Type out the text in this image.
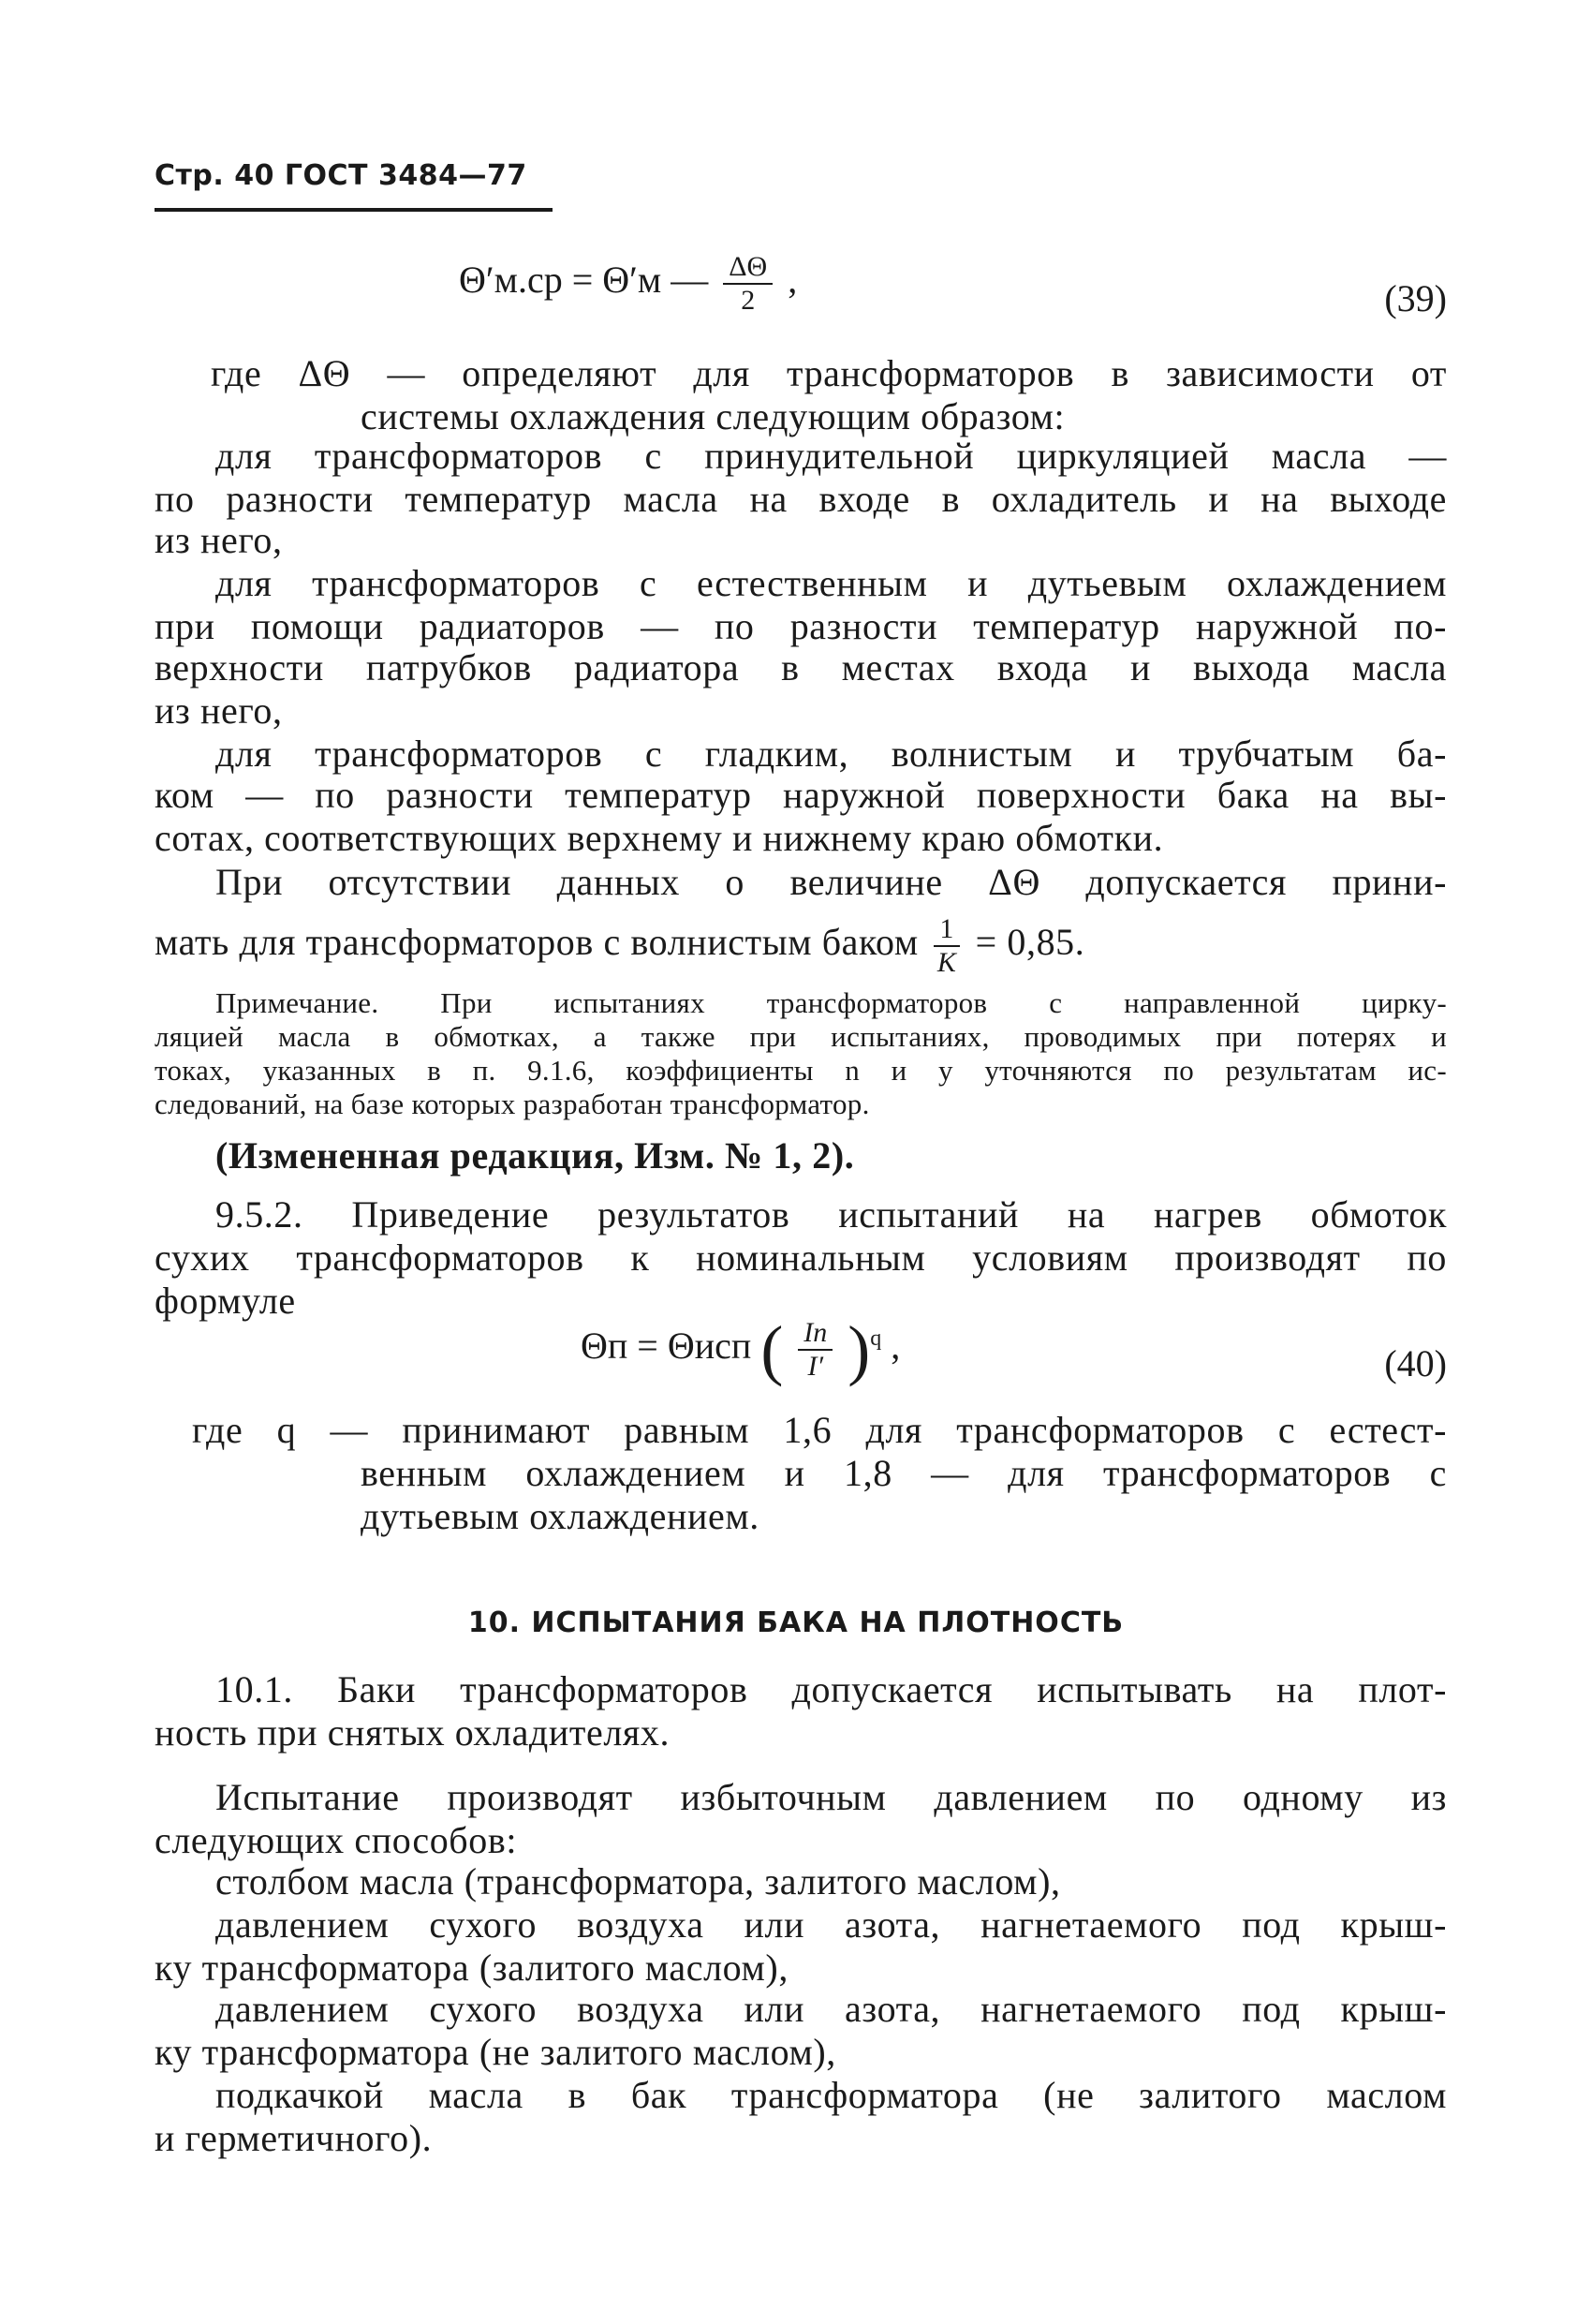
Стр. 40 ГОСТ 3484—77
Θ′м.ср = Θ′м — $\frac{\Delta\Theta}{2}$ ,	(39)
где ΔΘ — определяют для трансформаторов в зависимости от
системы охлаждения следующим образом:
для трансформаторов с принудительной циркуляцией масла —
по разности температур масла на входе в охладитель и на выходе
из него,
для трансформаторов с естественным и дутьевым охлаждением
при помощи радиаторов — по разности температур наружной по-
верхности патрубков радиатора в местах входа и выхода масла
из него,
для трансформаторов с гладким, волнистым и трубчатым ба-
ком — по разности температур наружной поверхности бака на вы-
сотах, соответствующих верхнему и нижнему краю обмотки.
При отсутствии данных о величине ΔΘ допускается прини-
мать для трансформаторов с волнистым баком $\frac{1}{K} = 0,85$.
Примечание. При испытаниях трансформаторов с направленной цирку-
ляцией масла в обмотках, а также при испытаниях, проводимых при потерях и
токах, указанных в п. 9.1.6, коэффициенты n и y уточняются по результатам ис-
следований, на базе которых разработан трансформатор.
(Измененная редакция, Изм. № 1, 2).
9.5.2. Приведение результатов испытаний на нагрев обмоток
сухих трансформаторов к номинальным условиям производят по
формуле
Θп = Θисп ( $\frac{Iп}{I'} )^q$ ,	(40)
где q — принимают равным 1,6 для трансформаторов с естест-
венным охлаждением и 1,8 — для трансформаторов с
дутьевым охлаждением.
10. ИСПЫТАНИЯ БАКА НА ПЛОТНОСТЬ
10.1. Баки трансформаторов допускается испытывать на плот-
ность при снятых охладителях.
Испытание производят избыточным давлением по одному из
следующих способов:
столбом масла (трансформатора, залитого маслом),
давлением сухого воздуха или азота, нагнетаемого под крыш-
ку трансформатора (залитого маслом),
давлением сухого воздуха или азота, нагнетаемого под крыш-
ку трансформатора (не залитого маслом),
подкачкой масла в бак трансформатора (не залитого маслом
и герметичного).
